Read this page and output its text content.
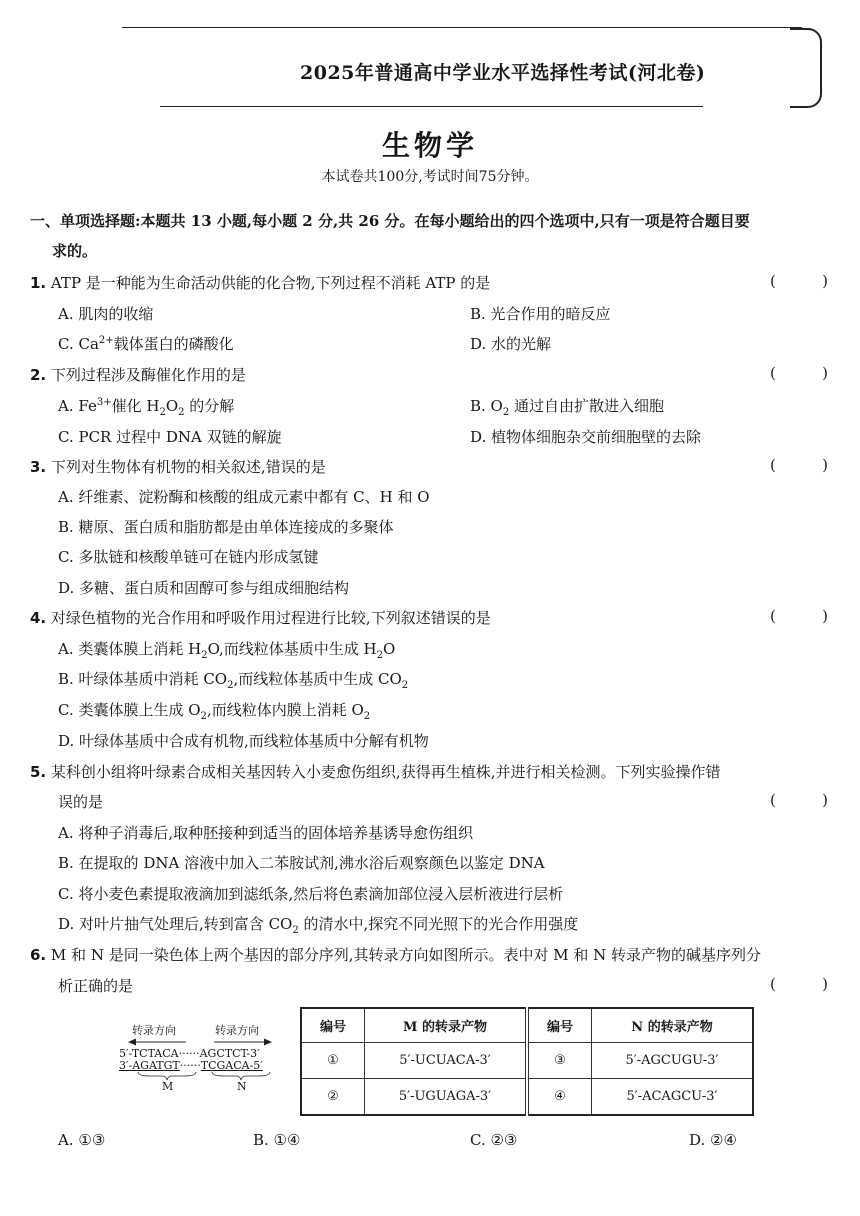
2025年普通高中学业水平选择性考试(河北卷)
生物学
本试卷共100分,考试时间75分钟。
一、单项选择题:本题共 13 小题,每小题 2 分,共 26 分。在每小题给出的四个选项中,只有一项是符合题目要
求的。
1. ATP 是一种能为生命活动供能的化合物,下列过程不消耗 ATP 的是	(	)
A. 肌肉的收缩	B. 光合作用的暗反应
C. $Ca^{2+}$载体蛋白的磷酸化	D. 水的光解
2. 下列过程涉及酶催化作用的是	(	)
A. $Fe^{3+}$催化 $H_2O_2$ 的分解	B. $O_2$ 通过自由扩散进入细胞
C. PCR 过程中 DNA 双链的解旋	D. 植物体细胞杂交前细胞壁的去除
3. 下列对生物体有机物的相关叙述,错误的是	(	)
A. 纤维素、淀粉酶和核酸的组成元素中都有 C、H 和 O
B. 糖原、蛋白质和脂肪都是由单体连接成的多聚体
C. 多肽链和核酸单链可在链内形成氢键
D. 多糖、蛋白质和固醇可参与组成细胞结构
4. 对绿色植物的光合作用和呼吸作用过程进行比较,下列叙述错误的是	(	)
A. 类囊体膜上消耗 $H_2O$,而线粒体基质中生成 $H_2O$
B. 叶绿体基质中消耗 $CO_2$,而线粒体基质中生成 $CO_2$
C. 类囊体膜上生成 $O_2$,而线粒体内膜上消耗 $O_2$
D. 叶绿体基质中合成有机物,而线粒体基质中分解有机物
5. 某科创小组将叶绿素合成相关基因转入小麦愈伤组织,获得再生植株,并进行相关检测。下列实验操作错
误的是	(	)
A. 将种子消毒后,取种胚接种到适当的固体培养基诱导愈伤组织
B. 在提取的 DNA 溶液中加入二苯胺试剂,沸水浴后观察颜色以鉴定 DNA
C. 将小麦色素提取液滴加到滤纸条,然后将色素滴加部位浸入层析液进行层析
D. 对叶片抽气处理后,转到富含 $CO_2$ 的清水中,探究不同光照下的光合作用强度
6. M 和 N 是同一染色体上两个基因的部分序列,其转录方向如图所示。表中对 M 和 N 转录产物的碱基序列分
析正确的是	(	)
转录方向	转录方向
5′-TCTACA······AGCTCT-3′
3′-AGATGT······TCGACA-5′
M	N
编号	M 的转录产物	编号	N 的转录产物
①	5′-UCUACA-3′	③	5′-AGCUGU-3′
②	5′-UGUAGA-3′	④	5′-ACAGCU-3′
A. ①③	B. ①④	C. ②③	D. ②④
